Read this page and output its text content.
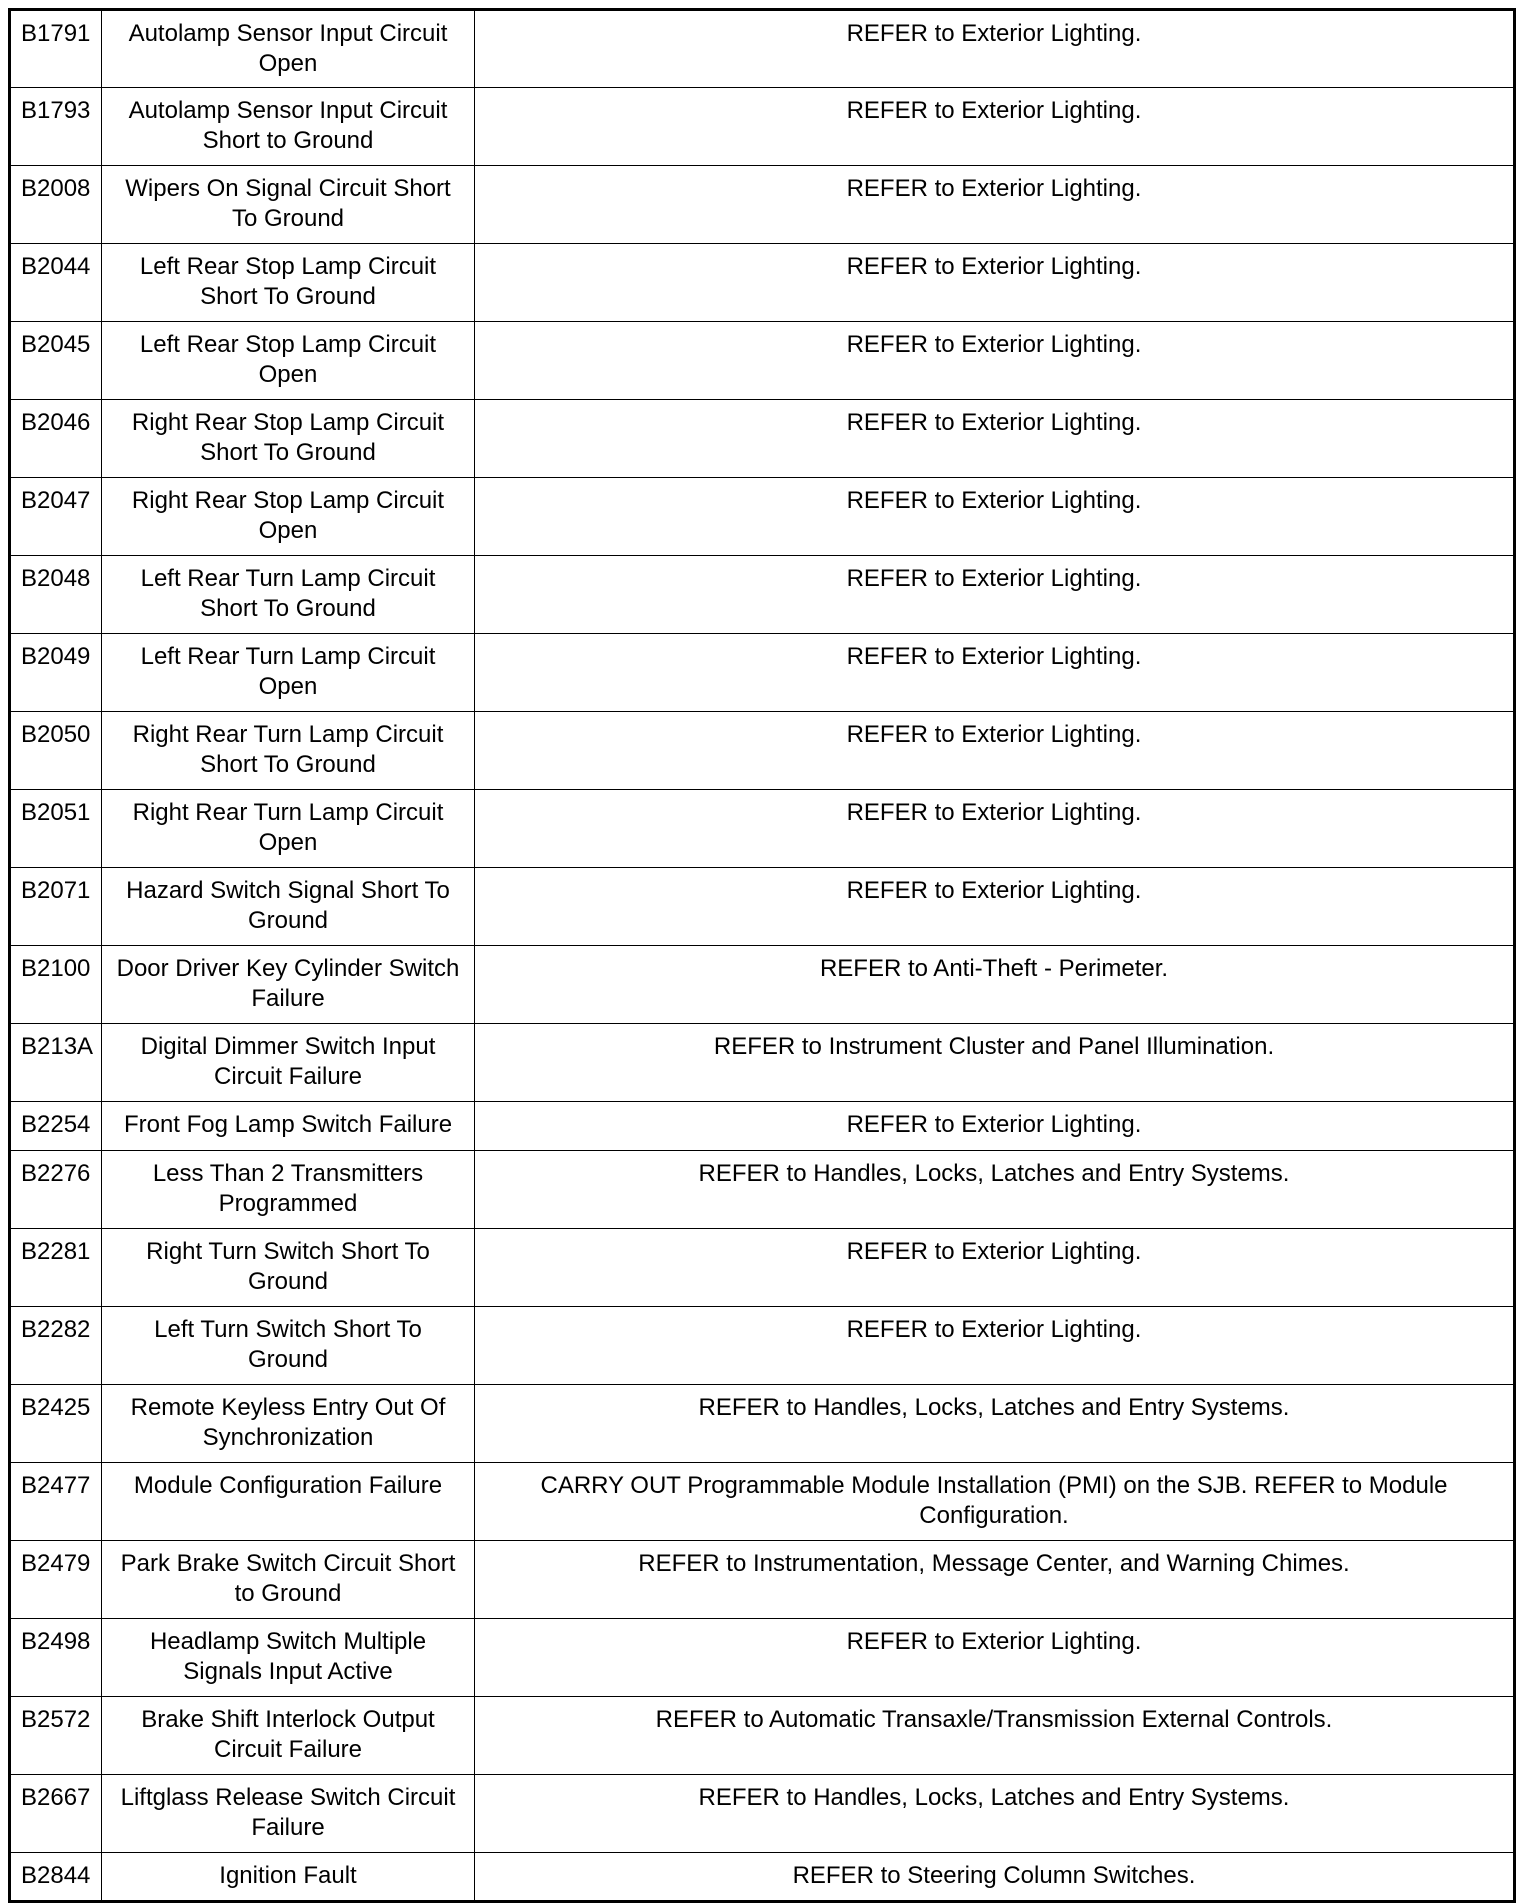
B1791	Autolamp Sensor Input Circuit Open	REFER to Exterior Lighting.
B1793	Autolamp Sensor Input Circuit Short to Ground	REFER to Exterior Lighting.
B2008	Wipers On Signal Circuit Short To Ground	REFER to Exterior Lighting.
B2044	Left Rear Stop Lamp Circuit Short To Ground	REFER to Exterior Lighting.
B2045	Left Rear Stop Lamp Circuit Open	REFER to Exterior Lighting.
B2046	Right Rear Stop Lamp Circuit Short To Ground	REFER to Exterior Lighting.
B2047	Right Rear Stop Lamp Circuit Open	REFER to Exterior Lighting.
B2048	Left Rear Turn Lamp Circuit Short To Ground	REFER to Exterior Lighting.
B2049	Left Rear Turn Lamp Circuit Open	REFER to Exterior Lighting.
B2050	Right Rear Turn Lamp Circuit Short To Ground	REFER to Exterior Lighting.
B2051	Right Rear Turn Lamp Circuit Open	REFER to Exterior Lighting.
B2071	Hazard Switch Signal Short To Ground	REFER to Exterior Lighting.
B2100	Door Driver Key Cylinder Switch Failure	REFER to Anti-Theft - Perimeter.
B213A	Digital Dimmer Switch Input Circuit Failure	REFER to Instrument Cluster and Panel Illumination.
B2254	Front Fog Lamp Switch Failure	REFER to Exterior Lighting.
B2276	Less Than 2 Transmitters Programmed	REFER to Handles, Locks, Latches and Entry Systems.
B2281	Right Turn Switch Short To Ground	REFER to Exterior Lighting.
B2282	Left Turn Switch Short To Ground	REFER to Exterior Lighting.
B2425	Remote Keyless Entry Out Of Synchronization	REFER to Handles, Locks, Latches and Entry Systems.
B2477	Module Configuration Failure	CARRY OUT Programmable Module Installation (PMI) on the SJB. REFER to Module Configuration.
B2479	Park Brake Switch Circuit Short to Ground	REFER to Instrumentation, Message Center, and Warning Chimes.
B2498	Headlamp Switch Multiple Signals Input Active	REFER to Exterior Lighting.
B2572	Brake Shift Interlock Output Circuit Failure	REFER to Automatic Transaxle/Transmission External Controls.
B2667	Liftglass Release Switch Circuit Failure	REFER to Handles, Locks, Latches and Entry Systems.
B2844	Ignition Fault	REFER to Steering Column Switches.
